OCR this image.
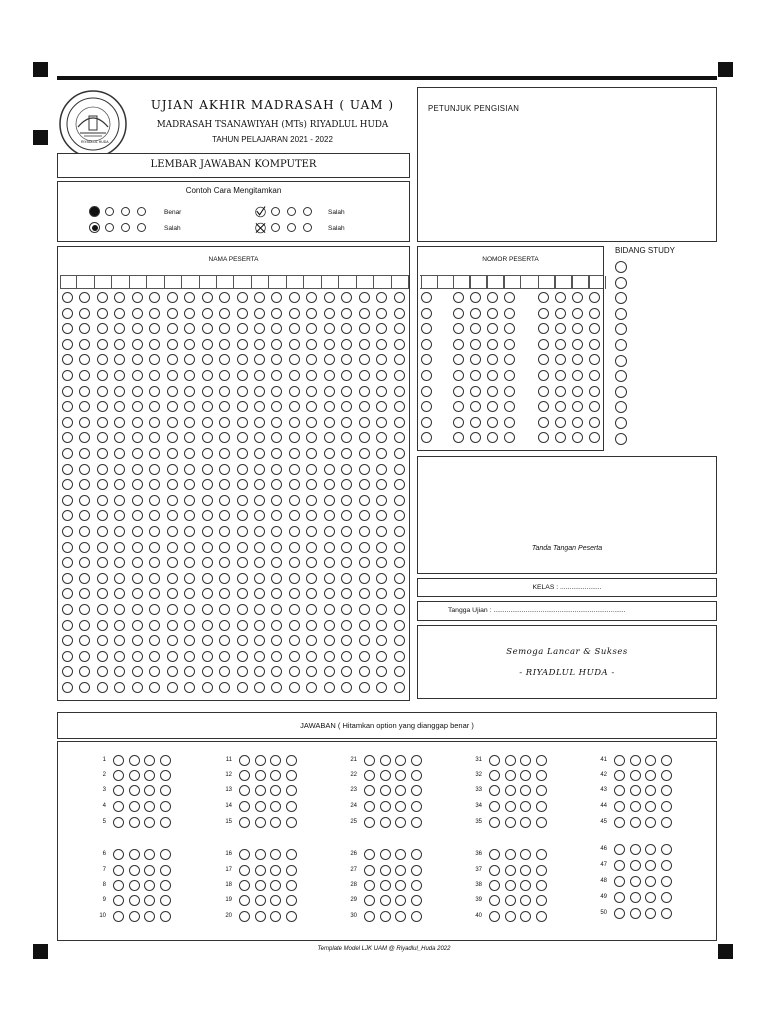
RIYADLUL HUDA
UJIAN AKHIR MADRASAH ( UAM )
MADRASAH TSANAWIYAH (MTs) RIYADLUL HUDA
TAHUN PELAJARAN 2021 - 2022
LEMBAR JAWABAN KOMPUTER
Contoh Cara Mengitamkan
Benar
Salah
Salah
Salah
PETUNJUK PENGISIAN
NAMA PESERTA	NOMOR PESERTA
BIDANG STUDY
Tanda Tangan Peserta
KELAS : ......................
Tangga Ujian : ......................................................................
Semoga Lancar & Sukses
- RIYADLUL HUDA -
JAWABAN ( Hitamkan option yang dianggap benar )
1
2
3
4
5
6
7
8
9
10
11
12
13
14
15
16
17
18
19
20
21
22
23
24
25
26
27
28
29
30
31
32
33
34
35
36
37
38
39
40
41
42
43
44
45
46
47
48
49
50
Template Model LJK UAM @ Riyadlul_Huda 2022
